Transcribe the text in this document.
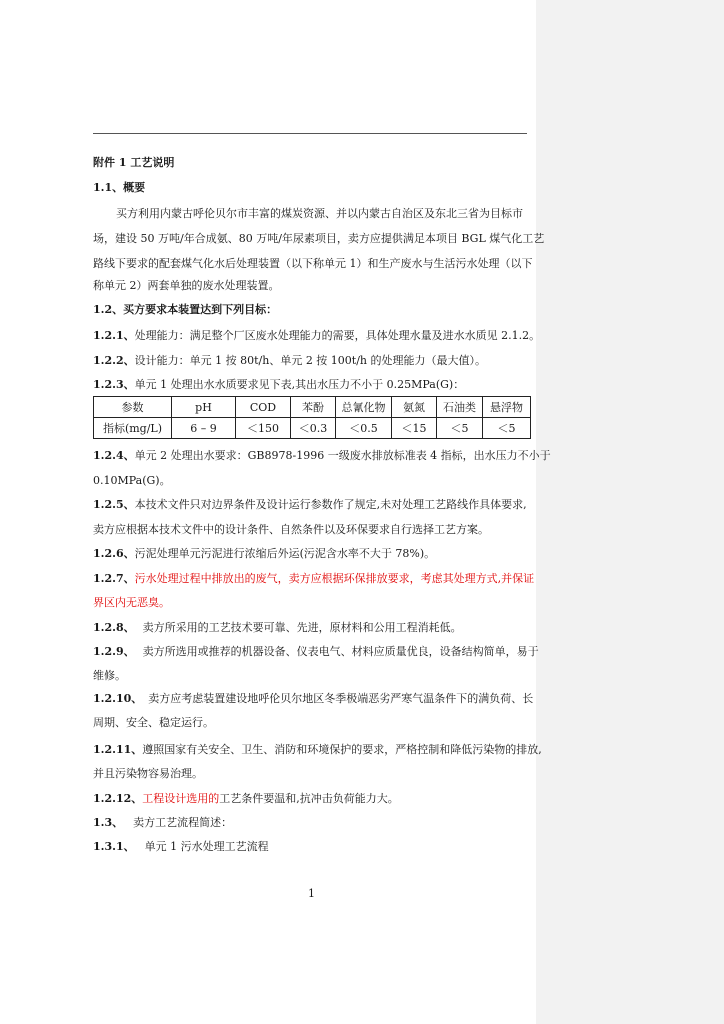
附件 1 工艺说明
1.1、概要
买方利用内蒙古呼伦贝尔市丰富的煤炭资源、并以内蒙古自治区及东北三省为目标市
场，建设 50 万吨/年合成氨、80 万吨/年尿素项目，卖方应提供满足本项目 BGL 煤气化工艺
路线下要求的配套煤气化水后处理装置（以下称单元 1）和生产废水与生活污水处理（以下
称单元 2）两套单独的废水处理装置。
1.2、买方要求本装置达到下列目标：
1.2.1、处理能力：满足整个厂区废水处理能力的需要，具体处理水量及进水水质见 2.1.2。
1.2.2、设计能力：单元 1 按 80t/h、单元 2 按 100t/h 的处理能力（最大值）。
1.2.3、单元 1 处理出水水质要求见下表,其出水压力不小于 0.25MPa(G)：
参数	pH	COD	苯酚	总氰化物	氨氮	石油类	悬浮物
指标(mg/L)	6 – 9	＜150	＜0.3	＜0.5	＜15	＜5	＜5
1.2.4、单元 2 处理出水要求：GB8978-1996 一级废水排放标准表 4 指标，出水压力不小于
0.10MPa(G)。
1.2.5、本技术文件只对边界条件及设计运行参数作了规定,未对处理工艺路线作具体要求,
卖方应根据本技术文件中的设计条件、自然条件以及环保要求自行选择工艺方案。
1.2.6、污泥处理单元污泥进行浓缩后外运(污泥含水率不大于 78%)。
1.2.7、污水处理过程中排放出的废气，卖方应根据环保排放要求，考虑其处理方式,并保证
界区内无恶臭。
1.2.8、 卖方所采用的工艺技术要可靠、先进，原材料和公用工程消耗低。
1.2.9、 卖方所选用或推荐的机器设备、仪表电气、材料应质量优良，设备结构简单，易于
维修。
1.2.10、 卖方应考虑装置建设地呼伦贝尔地区冬季极端恶劣严寒气温条件下的满负荷、长
周期、安全、稳定运行。
1.2.11、遵照国家有关安全、卫生、消防和环境保护的要求，严格控制和降低污染物的排放,
并且污染物容易治理。
1.2.12、工程设计选用的工艺条件要温和,抗冲击负荷能力大。
1.3、 卖方工艺流程简述：
1.3.1、 单元 1 污水处理工艺流程
1
